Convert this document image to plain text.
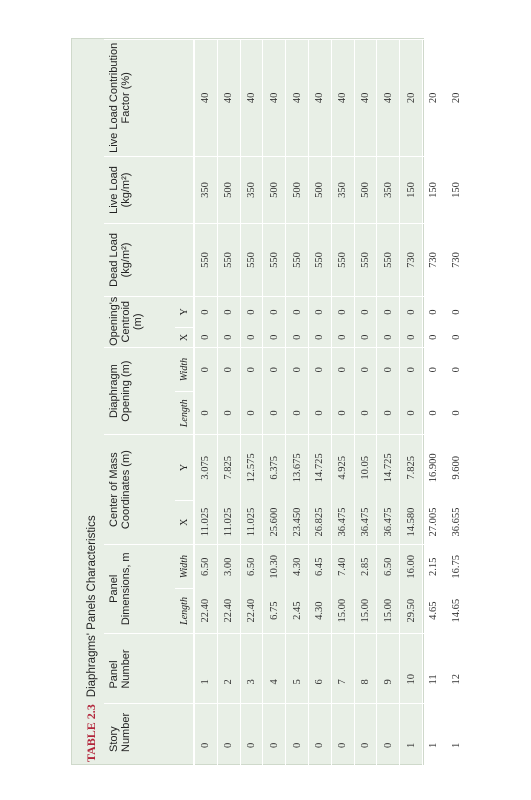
TABLE 2.3 Diaphragms' Panels Characteristics
Story Number	Panel Number	Panel Dimensions, m		Center of Mass Coordinates (m)		Diaphragm Opening (m)		Opening's Centroid (m)		Dead Load (kg/m²)	Live Load (kg/m²)	Live Load Contribution Factor (%)
		Length	Width	X	Y	Length	Width	X	Y			
0	1	22.40	6.50	11.025	3.075	0	0	0	0	550	350	40
0	2	22.40	3.00	11.025	7.825	0	0	0	0	550	500	40
0	3	22.40	6.50	11.025	12.575	0	0	0	0	550	350	40
0	4	6.75	10.30	25.600	6.375	0	0	0	0	550	500	40
0	5	2.45	4.30	23.450	13.675	0	0	0	0	550	500	40
0	6	4.30	6.45	26.825	14.725	0	0	0	0	550	500	40
0	7	15.00	7.40	36.475	4.925	0	0	0	0	550	350	40
0	8	15.00	2.85	36.475	10.05	0	0	0	0	550	500	40
0	9	15.00	6.50	36.475	14.725	0	0	0	0	550	350	40
1	10	29.50	16.00	14.580	7.825	0	0	0	0	730	150	20
1	11	4.65	2.15	27.005	16.900	0	0	0	0	730	150	20
1	12	14.65	16.75	36.655	9.600	0	0	0	0	730	150	20
